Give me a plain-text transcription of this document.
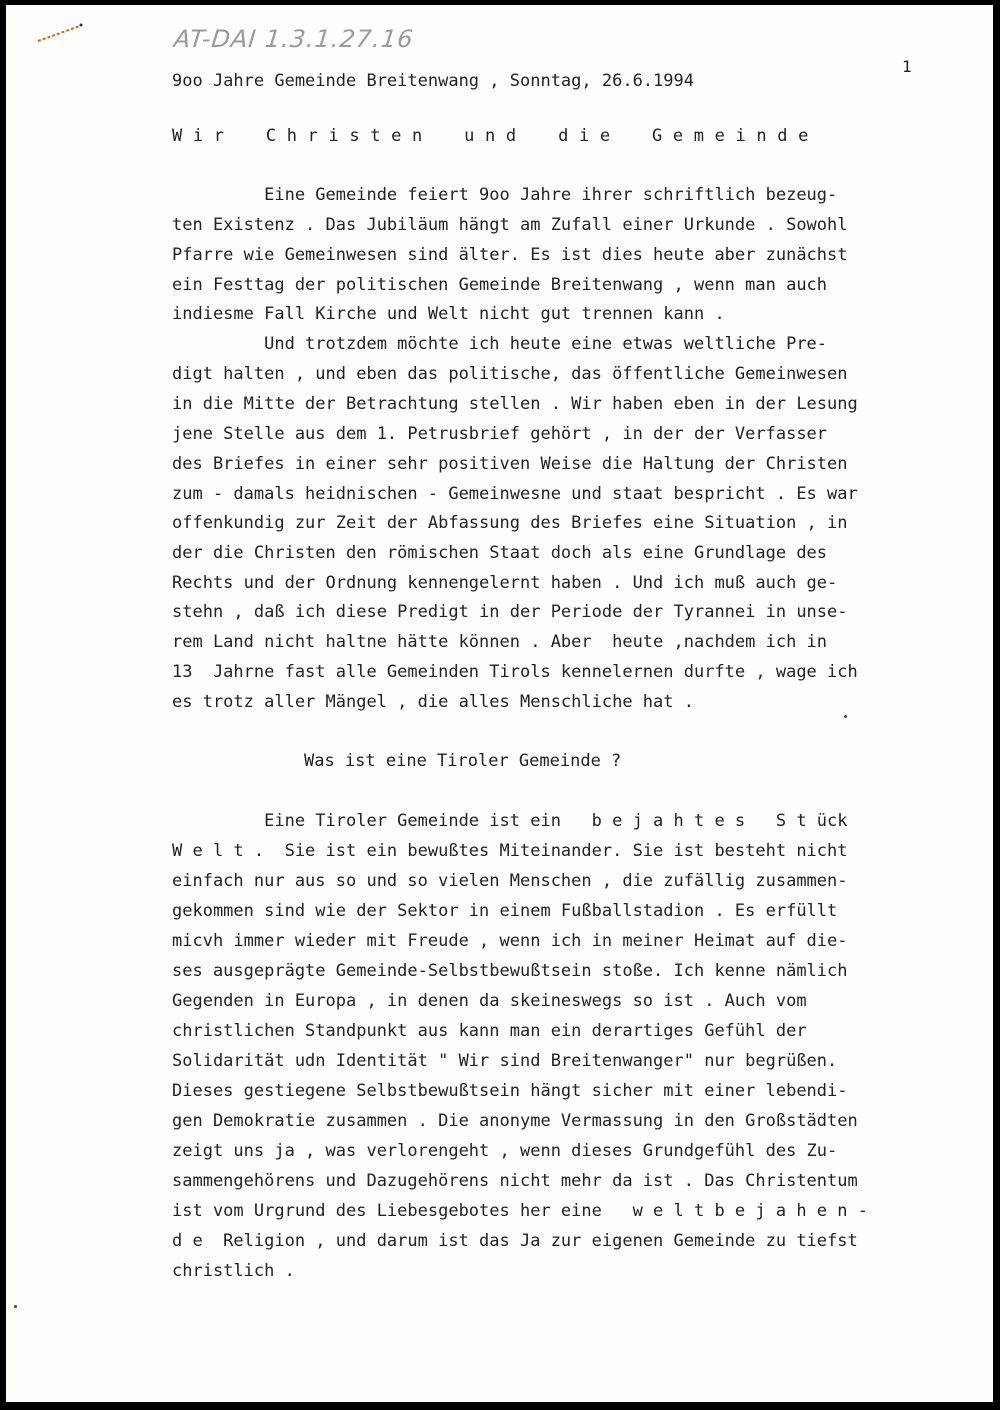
AT-DAI 1.3.1.27.16
1
9oo Jahre Gemeinde Breitenwang , Sonntag, 26.6.1994
W i r    C h r i s t e n    u n d    d i e    G e m e i n d e
Eine Gemeinde feiert 9oo Jahre ihrer schriftlich bezeug-
ten Existenz . Das Jubiläum hängt am Zufall einer Urkunde . Sowohl
Pfarre wie Gemeinwesen sind älter. Es ist dies heute aber zunächst
ein Festtag der politischen Gemeinde Breitenwang , wenn man auch
indiesme Fall Kirche und Welt nicht gut trennen kann .
Und trotzdem möchte ich heute eine etwas weltliche Pre-
digt halten , und eben das politische, das öffentliche Gemeinwesen
in die Mitte der Betrachtung stellen . Wir haben eben in der Lesung
jene Stelle aus dem 1. Petrusbrief gehört , in der der Verfasser
des Briefes in einer sehr positiven Weise die Haltung der Christen
zum - damals heidnischen - Gemeinwesne und staat bespricht . Es war
offenkundig zur Zeit der Abfassung des Briefes eine Situation , in
der die Christen den römischen Staat doch als eine Grundlage des
Rechts und der Ordnung kennengelernt haben . Und ich muß auch ge-
stehn , daß ich diese Predigt in der Periode der Tyrannei in unse-
rem Land nicht haltne hätte können . Aber  heute ,nachdem ich in
13  Jahrne fast alle Gemeinden Tirols kennelernen durfte , wage ich
es trotz aller Mängel , die alles Menschliche hat .
Was ist eine Tiroler Gemeinde ?
Eine Tiroler Gemeinde ist ein   b e j a h t e s   S t ück
W e l t .  Sie ist ein bewußtes Miteinander. Sie ist besteht nicht
einfach nur aus so und so vielen Menschen , die zufällig zusammen-
gekommen sind wie der Sektor in einem Fußballstadion . Es erfüllt
micvh immer wieder mit Freude , wenn ich in meiner Heimat auf die-
ses ausgeprägte Gemeinde-Selbstbewußtsein stoße. Ich kenne nämlich
Gegenden in Europa , in denen da skeineswegs so ist . Auch vom
christlichen Standpunkt aus kann man ein derartiges Gefühl der
Solidarität udn Identität " Wir sind Breitenwanger" nur begrüßen.
Dieses gestiegene Selbstbewußtsein hängt sicher mit einer lebendi-
gen Demokratie zusammen . Die anonyme Vermassung in den Großstädten
zeigt uns ja , was verlorengeht , wenn dieses Grundgefühl des Zu-
sammengehörens und Dazugehörens nicht mehr da ist . Das Christentum
ist vom Urgrund des Liebesgebotes her eine   w e l t b e j a h e n -
d e  Religion , und darum ist das Ja zur eigenen Gemeinde zu tiefst
christlich .
